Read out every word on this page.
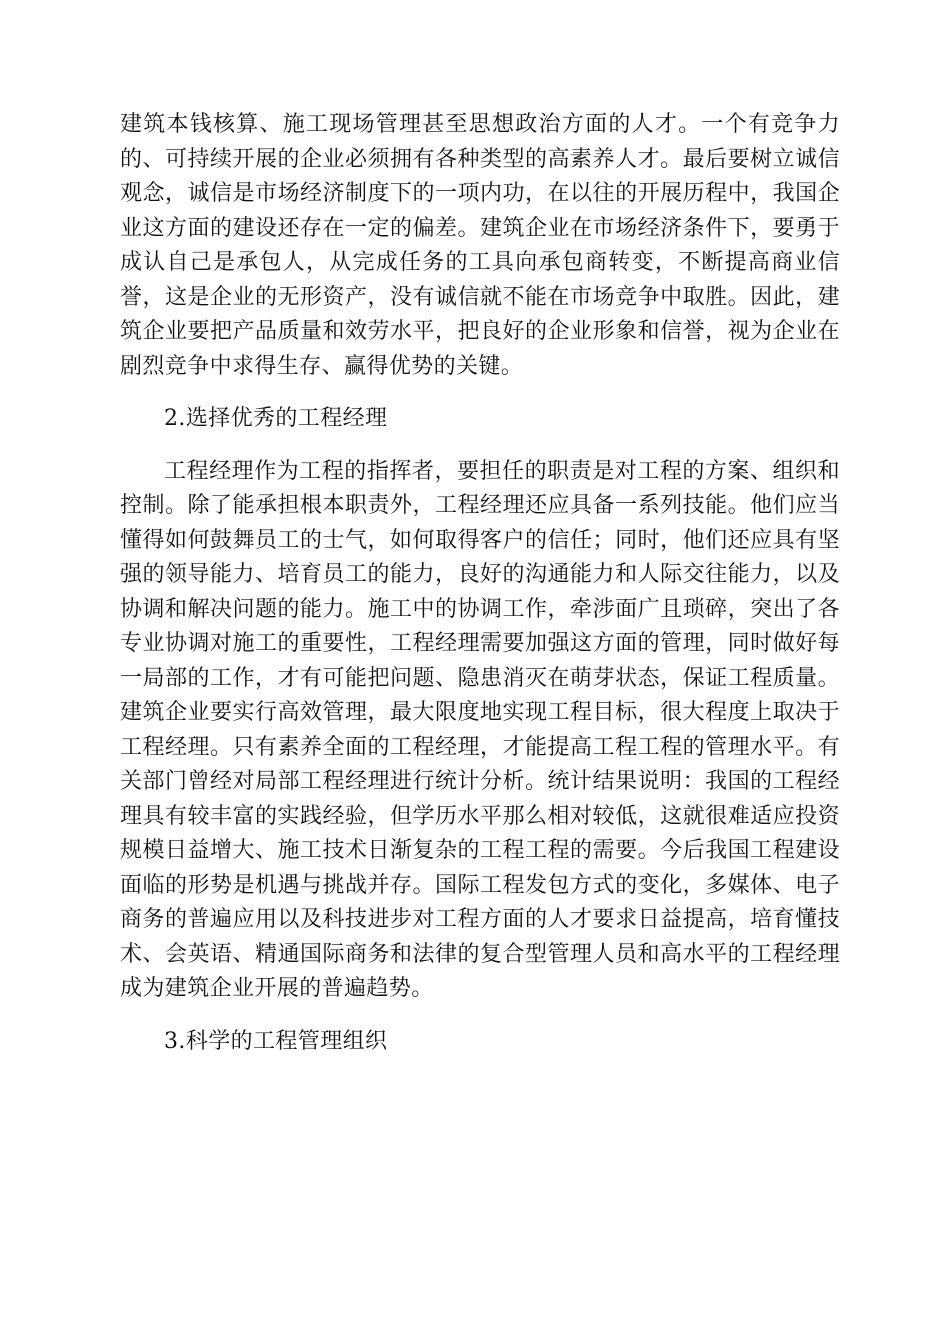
建筑本钱核算、施工现场管理甚至思想政治方面的人才。一个有竞争力的、可持续开展的企业必须拥有各种类型的高素养人才。最后要树立诚信观念，诚信是市场经济制度下的一项内功，在以往的开展历程中，我国企业这方面的建设还存在一定的偏差。建筑企业在市场经济条件下，要勇于成认自己是承包人，从完成任务的工具向承包商转变，不断提高商业信誉，这是企业的无形资产，没有诚信就不能在市场竞争中取胜。因此，建筑企业要把产品质量和效劳水平，把良好的企业形象和信誉，视为企业在剧烈竞争中求得生存、赢得优势的关键。

2.选择优秀的工程经理

工程经理作为工程的指挥者，要担任的职责是对工程的方案、组织和控制。除了能承担根本职责外，工程经理还应具备一系列技能。他们应当懂得如何鼓舞员工的士气，如何取得客户的信任；同时，他们还应具有坚强的领导能力、培育员工的能力，良好的沟通能力和人际交往能力，以及协调和解决问题的能力。施工中的协调工作，牵涉面广且琐碎，突出了各专业协调对施工的重要性，工程经理需要加强这方面的管理，同时做好每一局部的工作，才有可能把问题、隐患消灭在萌芽状态，保证工程质量。建筑企业要实行高效管理，最大限度地实现工程目标，很大程度上取决于工程经理。只有素养全面的工程经理，才能提高工程工程的管理水平。有关部门曾经对局部工程经理进行统计分析。统计结果说明：我国的工程经理具有较丰富的实践经验，但学历水平那么相对较低，这就很难适应投资规模日益增大、施工技术日渐复杂的工程工程的需要。今后我国工程建设面临的形势是机遇与挑战并存。国际工程发包方式的变化，多媒体、电子商务的普遍应用以及科技进步对工程方面的人才要求日益提高，培育懂技术、会英语、精通国际商务和法律的复合型管理人员和高水平的工程经理成为建筑企业开展的普遍趋势。

3.科学的工程管理组织
